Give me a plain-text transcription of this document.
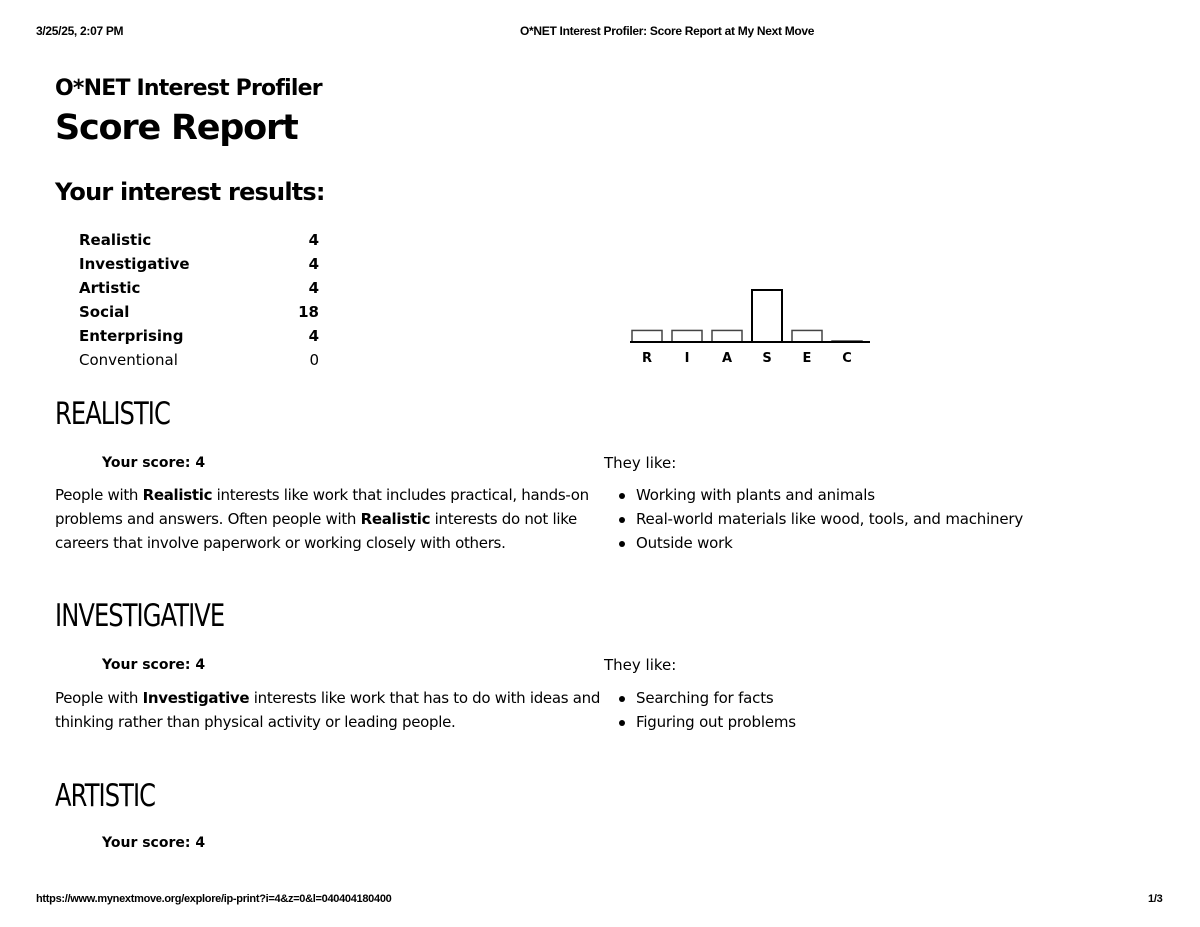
3/25/25, 2:07 PM	O*NET Interest Profiler: Score Report at My Next Move
O*NET Interest Profiler
Score Report
Your interest results:
Realistic	4
Investigative	4
Artistic	4
Social	18
Enterprising	4
Conventional	0	R	I	A S E C
REALISTIC
Your score: 4	They like:
People with Realistic interests like work that includes practical, hands-on problems and answers. Often people with Realistic interests do not like careers that involve paperwork or working closely with others.
Working with plants and animals
Real-world materials like wood, tools, and machinery
Outside work
INVESTIGATIVE
Your score: 4	They like:
People with Investigative interests like work that has to do with ideas and thinking rather than physical activity or leading people.
Searching for facts
Figuring out problems
ARTISTIC
Your score: 4
https://www.mynextmove.org/explore/ip-print?i=4&z=0&l=040404180400	1/3
